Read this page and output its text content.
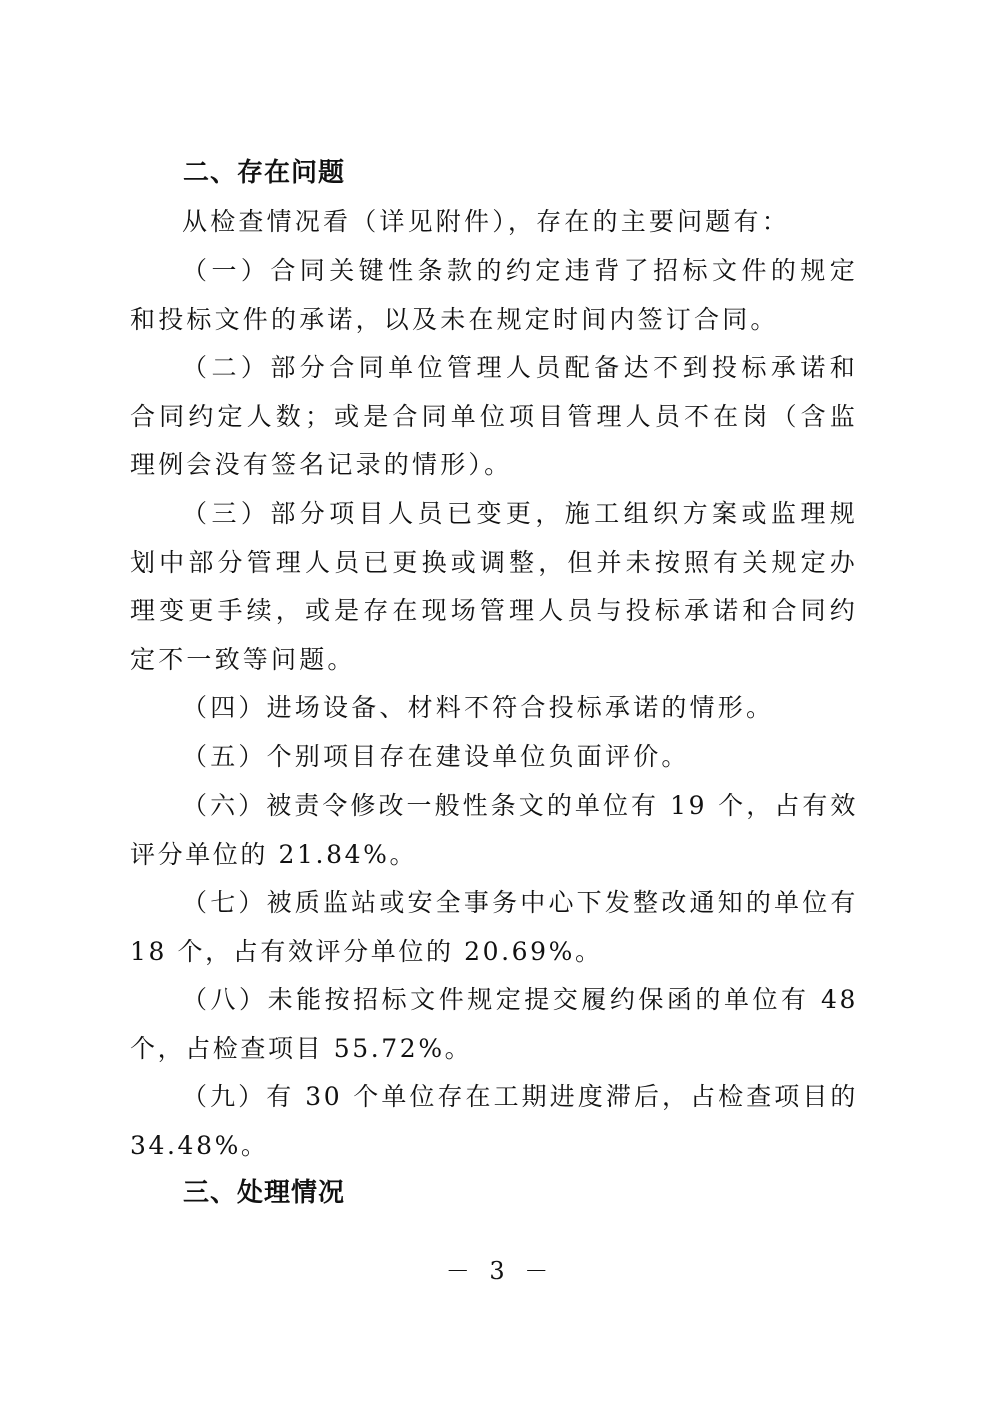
二、存在问题
从检查情况看（详见附件），存在的主要问题有：
（一）合同关键性条款的约定违背了招标文件的规定和投标文件的承诺，以及未在规定时间内签订合同。
（二）部分合同单位管理人员配备达不到投标承诺和合同约定人数；或是合同单位项目管理人员不在岗（含监理例会没有签名记录的情形）。
（三）部分项目人员已变更，施工组织方案或监理规划中部分管理人员已更换或调整，但并未按照有关规定办理变更手续，或是存在现场管理人员与投标承诺和合同约定不一致等问题。
（四）进场设备、材料不符合投标承诺的情形。
（五）个别项目存在建设单位负面评价。
（六）被责令修改一般性条文的单位有 19 个，占有效评分单位的 21.84%。
（七）被质监站或安全事务中心下发整改通知的单位有 18 个，占有效评分单位的 20.69%。
（八）未能按招标文件规定提交履约保函的单位有 48 个，占检查项目 55.72%。
（九）有 30 个单位存在工期进度滞后，占检查项目的 34.48%。
三、处理情况
－ 3 －
